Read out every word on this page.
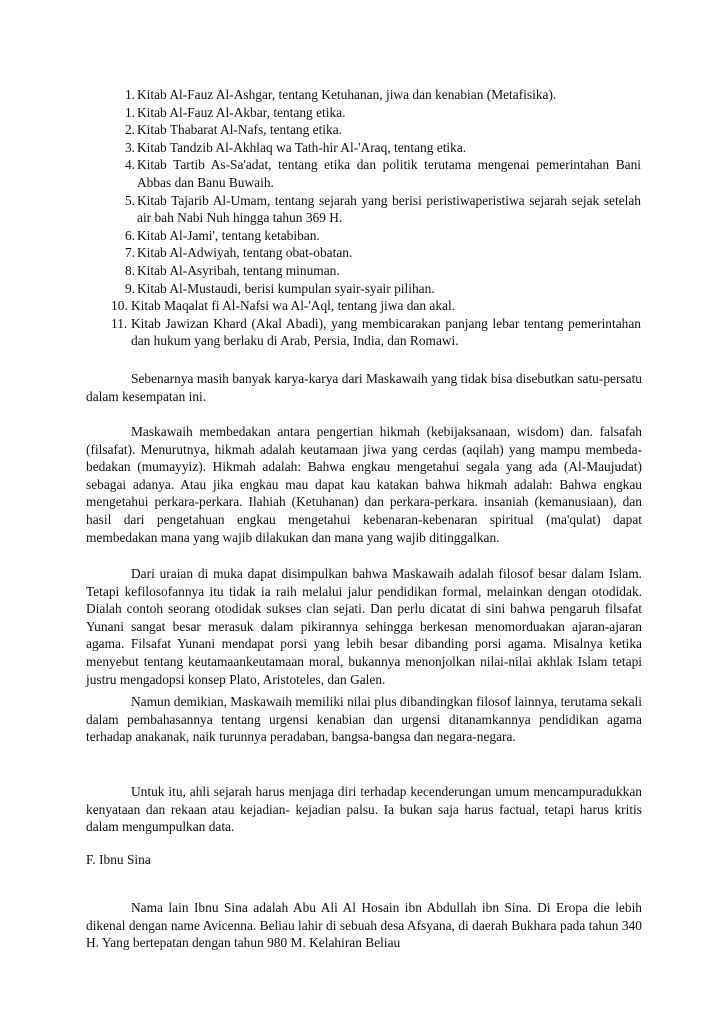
1. Kitab Al-Fauz Al-Ashgar, tentang Ketuhanan, jiwa dan kenabian (Metafisika).
1. Kitab Al-Fauz Al-Akbar, tentang etika.
2. Kitab Thabarat Al-Nafs, tentang etika.
3. Kitab Tandzib Al-Akhlaq wa Tath-hir Al-'Araq, tentang etika.
4. Kitab Tartib As-Sa'adat, tentang etika dan politik terutama mengenai pemerintahan Bani Abbas dan Banu Buwaih.
5. Kitab Tajarib Al-Umam, tentang sejarah yang berisi peristiwaperistiwa sejarah sejak setelah air bah Nabi Nuh hingga tahun 369 H.
6. Kitab Al-Jami', tentang ketabiban.
7. Kitab Al-Adwiyah, tentang obat-obatan.
8. Kitab Al-Asyribah, tentang minuman.
9. Kitab Al-Mustaudi, berisi kumpulan syair-syair pilihan.
10. Kitab Maqalat fi Al-Nafsi wa Al-'Aql, tentang jiwa dan akal.
11. Kitab Jawizan Khard (Akal Abadi), yang membicarakan panjang lebar tentang pemerintahan dan hukum yang berlaku di Arab, Persia, India, dan Romawi.

Sebenarnya masih banyak karya-karya dari Maskawaih yang tidak bisa disebutkan satu-persatu dalam kesempatan ini.

Maskawaih membedakan antara pengertian hikmah (kebijaksanaan, wisdom) dan. falsafah (filsafat). Menurutnya, hikmah adalah keutamaan jiwa yang cerdas (aqilah) yang mampu membeda-bedakan (mumayyiz). Hikmah adalah: Bahwa engkau mengetahui segala yang ada (Al-Maujudat) sebagai adanya. Atau jika engkau mau dapat kau katakan bahwa hikmah adalah: Bahwa engkau mengetahui perkara-perkara. Ilahiah (Ketuhanan) dan perkara-perkara. insaniah (kemanusiaan), dan hasil dari pengetahuan engkau mengetahui kebenaran-kebenaran spiritual (ma'qulat) dapat membedakan mana yang wajib dilakukan dan mana yang wajib ditinggalkan.

Dari uraian di muka dapat disimpulkan bahwa Maskawaih adalah filosof besar dalam Islam. Tetapi kefilosofannya itu tidak ia raih melalui jalur pendidikan formal, melainkan dengan otodidak. Dialah contoh seorang otodidak sukses clan sejati. Dan perlu dicatat di sini bahwa pengaruh filsafat Yunani sangat besar merasuk dalam pikirannya sehingga berkesan menomorduakan ajaran-ajaran agama. Filsafat Yunani mendapat porsi yang lebih besar dibanding porsi agama. Misalnya ketika menyebut tentang keutamaankeutamaan moral, bukannya menonjolkan nilai-nilai akhlak Islam tetapi justru mengadopsi konsep Plato, Aristoteles, dan Galen.

Namun demikian, Maskawaih memiliki nilai plus dibandingkan filosof lainnya, terutama sekali dalam pembahasannya tentang urgensi kenabian dan urgensi ditanamkannya pendidikan agama terhadap anakanak, naik turunnya peradaban, bangsa-bangsa dan negara-negara.

Untuk itu, ahli sejarah harus menjaga diri terhadap kecenderungan umum mencampuradukkan kenyataan dan rekaan atau kejadian- kejadian palsu. Ia bukan saja harus factual, tetapi harus kritis dalam mengumpulkan data.

F. Ibnu Sina

Nama lain Ibnu Sina adalah Abu Ali Al Hosain ibn Abdullah ibn Sina. Di Eropa die lebih dikenal dengan name Avicenna. Beliau lahir di sebuah desa Afsyana, di daerah Bukhara pada tahun 340 H. Yang bertepatan dengan tahun 980 M. Kelahiran Beliau
